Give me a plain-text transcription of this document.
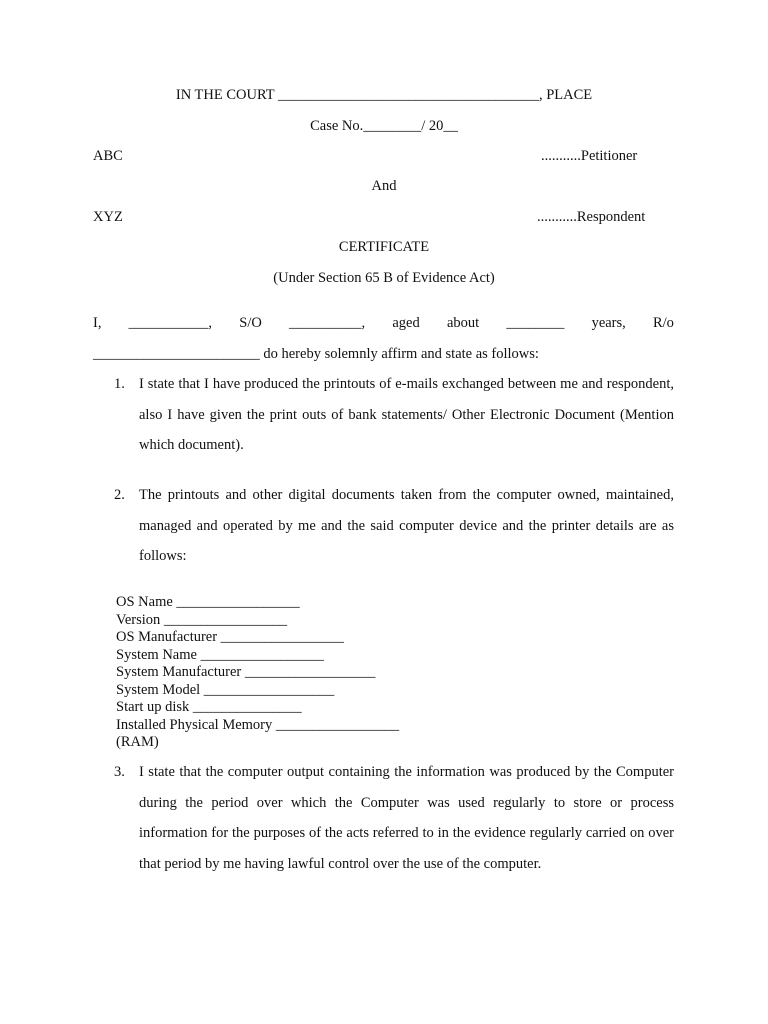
IN THE COURT ____________________________________, PLACE
Case No.________/ 20__
ABC	...........Petitioner
And
XYZ	...........Respondent
CERTIFICATE
(Under Section 65 B of Evidence Act)
I, ___________, S/O __________, aged about ________ years, R/o
_______________________ do hereby solemnly affirm and state as follows:
1. I state that I have produced the printouts of e-mails exchanged between me and respondent, also I have given the print outs of bank statements/ Other Electronic Document (Mention which document).
2. The printouts and other digital documents taken from the computer owned, maintained, managed and operated by me and the said computer device and the printer details are as follows:
OS Name _________________
Version _________________
OS Manufacturer _________________
System Name _________________
System Manufacturer __________________
System Model __________________
Start up disk _______________
Installed Physical Memory _________________
(RAM)
3. I state that the computer output containing the information was produced by the Computer during the period over which the Computer was used regularly to store or process information for the purposes of the acts referred to in the evidence regularly carried on over that period by me having lawful control over the use of the computer.
